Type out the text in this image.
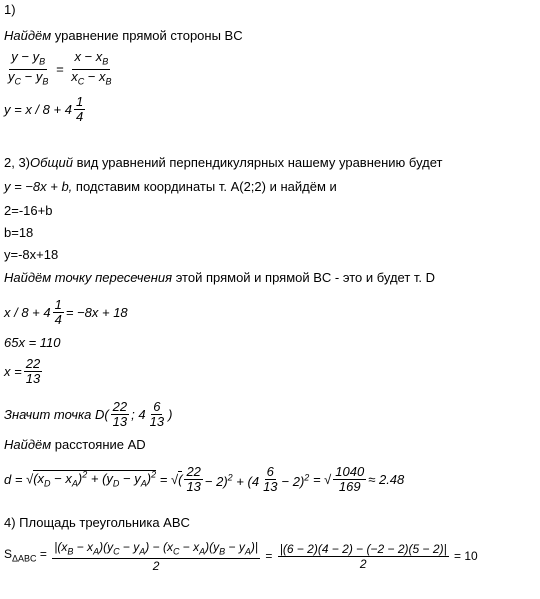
1)
Найдём уравнение прямой стороны BC
$\frac{y - y_B}{y_C - y_B} = \frac{x - x_B}{x_C - x_B}$
$y = x / 8 + 4 \frac{1}{4}$
2, 3)Общий вид уравнений перпендикулярных нашему уравнению будет
y = −8x + b, подставим координаты т. A(2;2) и найдём и
2=-16+b
b=18
y=-8x+18
Найдём точку пересечения этой прямой и прямой BC - это и будет т. D
$x / 8 + 4 \frac{1}{4} = -8x + 18$
65x = 110
$x = \frac{22}{13}$
Значит точка $D( \frac{22}{13}$ ; $4 \frac{6}{13}$ )
Найдём расстояние AD
$d = √(x_D - x_A)^2 + (y_D - y_A)^2$ = √( $\frac{22}{13} - 2)^2 + (4 \frac{6}{13} - 2)^2$ = √ $\frac{1040}{169} \approx 2.48$
4) Площадь треугольника ABC
$S_{\Delta ABC} = \frac{|(x_B - x_A)(y_C - y_A) - (x_C - x_A)(y_B - y_A)|}{2} = \frac{|(6 - 2)(4 - 2) - (-2 - 2)(5 - 2)|}{2} = 10$
